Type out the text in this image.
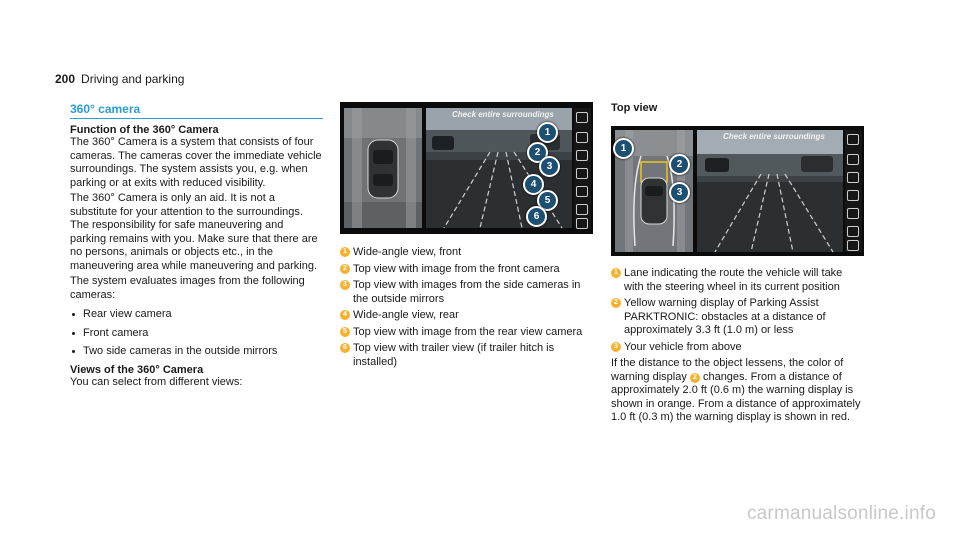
200 Driving and parking
360° camera
Function of the 360° Camera
The 360° Camera is a system that consists of four cameras. The cameras cover the immediate vehicle surroundings. The system assists you, e.g. when parking or at exits with reduced visibility.
The 360° Camera is only an aid. It is not a substitute for your attention to the surroundings. The responsibility for safe maneuvering and parking remains with you. Make sure that there are no persons, animals or objects etc., in the maneuvering area while maneuvering and parking.
The system evaluates images from the following cameras:
Rear view camera
Front camera
Two side cameras in the outside mirrors
Views of the 360° Camera
You can select from different views:
Check entire surroundings
1
2
3
4
5
6
1 Wide-angle view, front
2 Top view with image from the front camera
3 Top view with images from the side cameras in the outside mirrors
4 Wide-angle view, rear
5 Top view with image from the rear view camera
6 Top view with trailer view (if trailer hitch is installed)
Top view
Check entire surroundings
1
2
3
1 Lane indicating the route the vehicle will take with the steering wheel in its current position
2 Yellow warning display of Parking Assist PARKTRONIC: obstacles at a distance of approximately 3.3 ft (1.0 m) or less
3 Your vehicle from above
If the distance to the object lessens, the color of warning display 2 changes. From a distance of approximately 2.0 ft (0.6 m) the warning display is shown in orange. From a distance of approximately 1.0 ft (0.3 m) the warning display is shown in red.
carmanualsonline.info
